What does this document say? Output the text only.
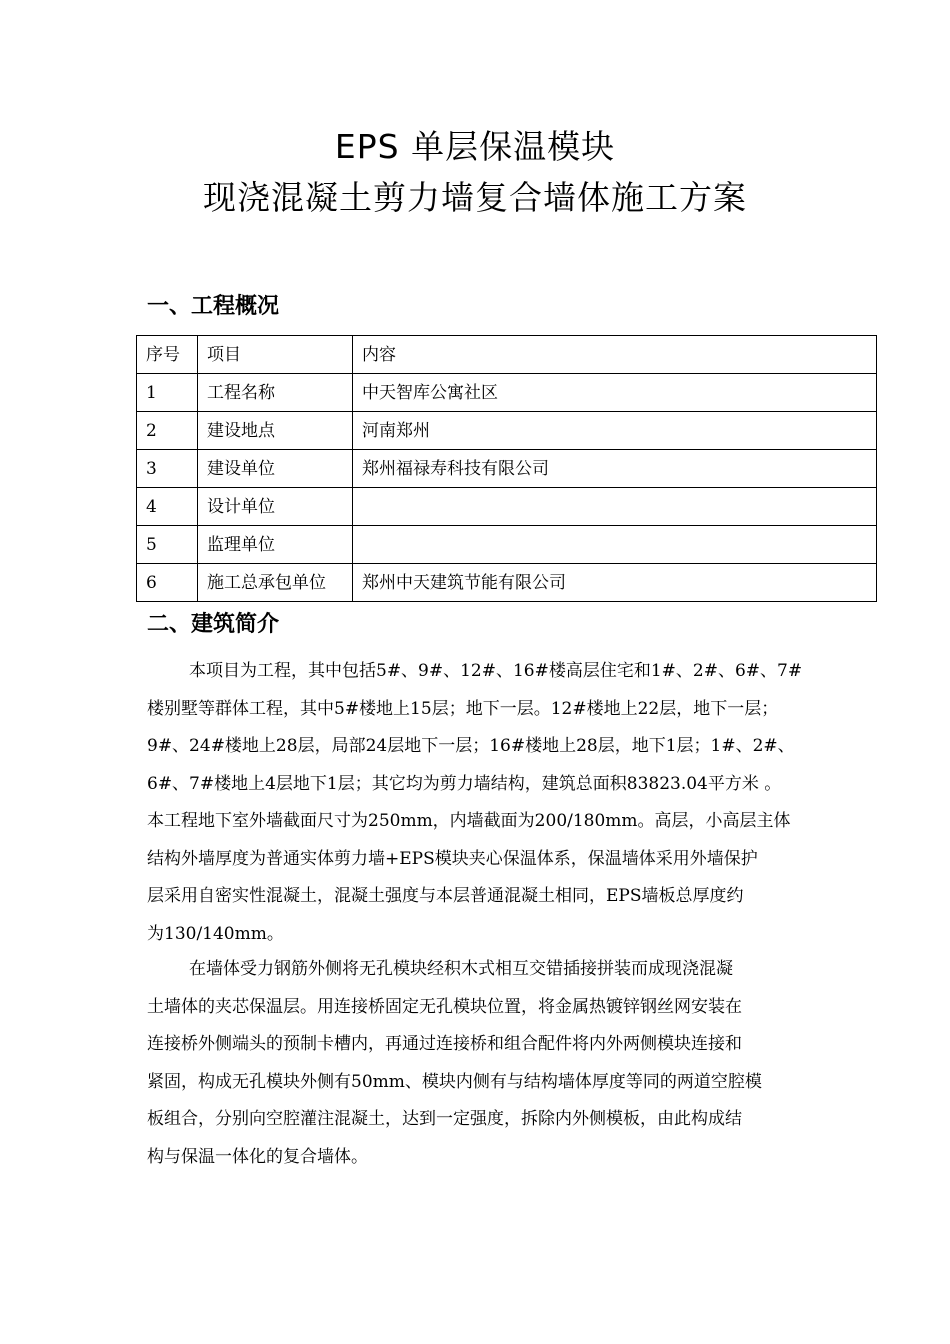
EPS 单层保温模块
现浇混凝土剪力墙复合墙体施工方案
一、工程概况
序号	项目	内容
1	工程名称	中天智库公寓社区
2	建设地点	河南郑州
3	建设单位	郑州福禄寿科技有限公司
4	设计单位	
5	监理单位	
6	施工总承包单位	郑州中天建筑节能有限公司
二、建筑简介
本项目为工程，其中包括5#、9#、12#、16#楼高层住宅和1#、2#、6#、7#
楼别墅等群体工程，其中5#楼地上15层；地下一层。12#楼地上22层，地下一层；
9#、24#楼地上28层，局部24层地下一层；16#楼地上28层，地下1层；1#、2#、
6#、7#楼地上4层地下1层；其它均为剪力墙结构，建筑总面积83823.04平方米 。
本工程地下室外墙截面尺寸为250mm，内墙截面为200/180mm。高层，小高层主体
结构外墙厚度为普通实体剪力墙+EPS模块夹心保温体系，保温墙体采用外墙保护
层采用自密实性混凝土，混凝土强度与本层普通混凝土相同，EPS墙板总厚度约
为130/140mm。
在墙体受力钢筋外侧将无孔模块经积木式相互交错插接拼装而成现浇混凝
土墙体的夹芯保温层。用连接桥固定无孔模块位置，将金属热镀锌钢丝网安装在
连接桥外侧端头的预制卡槽内，再通过连接桥和组合配件将内外两侧模块连接和
紧固，构成无孔模块外侧有50mm、模块内侧有与结构墙体厚度等同的两道空腔模
板组合，分别向空腔灌注混凝土，达到一定强度，拆除内外侧模板，由此构成结
构与保温一体化的复合墙体。
